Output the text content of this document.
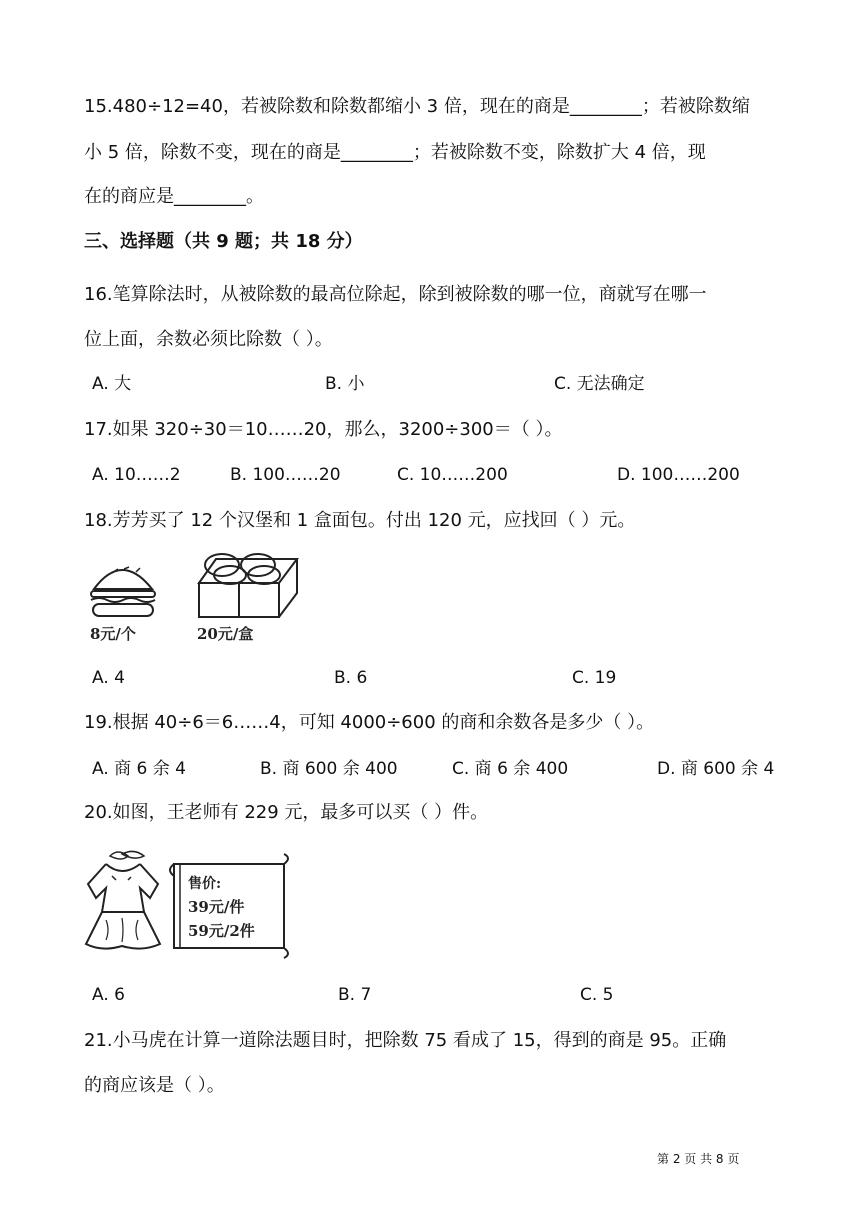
15.480÷12=40，若被除数和除数都缩小 3 倍，现在的商是________；若被除数缩
小 5 倍，除数不变，现在的商是________；若被除数不变，除数扩大 4 倍，现
在的商应是________。
三、选择题（共 9 题；共 18 分）
16.笔算除法时，从被除数的最高位除起，除到被除数的哪一位，商就写在哪一
位上面，余数必须比除数（ ）。
A. 大	B. 小	C. 无法确定
17.如果 320÷30＝10……20，那么，3200÷300＝（ ）。
A. 10……2	B. 100……20	C. 10……200	D. 100……200
18.芳芳买了 12 个汉堡和 1 盒面包。付出 120 元，应找回（ ）元。
8元/个	20元/盒
A. 4	B. 6	C. 19
19.根据 40÷6＝6……4，可知 4000÷600 的商和余数各是多少（ ）。
A. 商 6 余 4	B. 商 600 余 400	C. 商 6 余 400	D. 商 600 余 4
20.如图，王老师有 229 元，最多可以买（ ）件。
售价:
39元/件
59元/2件
A. 6	B. 7	C. 5
21.小马虎在计算一道除法题目时，把除数 75 看成了 15，得到的商是 95。正确
的商应该是（ ）。
第 2 页 共 8 页
